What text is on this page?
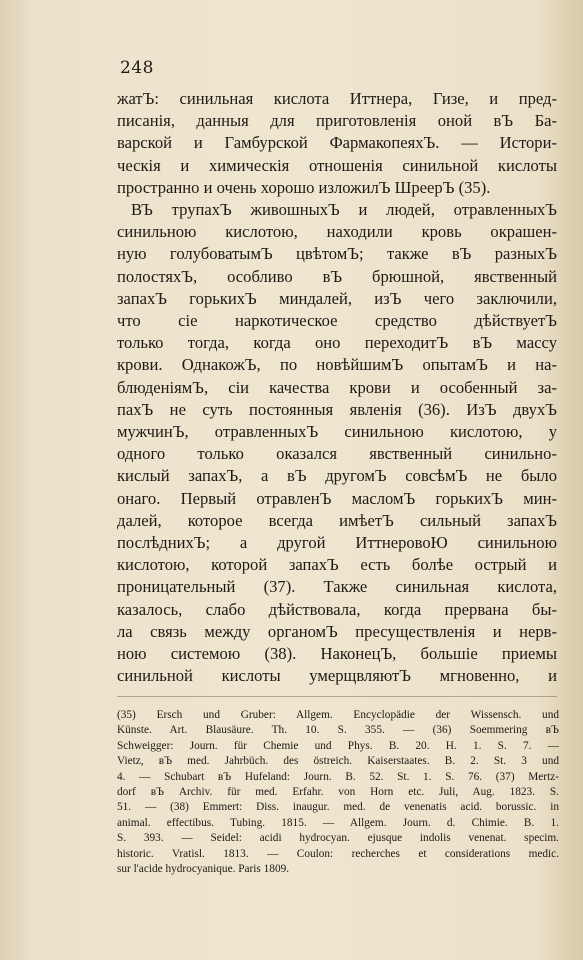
248
жатЪ: синильная кислота Иттнера, Гизе, и пред-
писанія, данныя для приготовленія оной вЪ Ба-
варской и Гамбурской ФармакопеяхЪ. — Истори-
ческія и химическія отношенія синильной кислоты
пространно и очень хорошо изложилЪ ШреерЪ (35).
ВЪ трупахЪ живошныхЪ и людей, отравленныхЪ
синильною кислотою, находили кровь окрашен-
ную голубоватымЪ цвѣтомЪ; также вЪ разныхЪ
полостяхЪ, особливо вЪ брюшной, явственный
запахЪ горькихЪ миндалей, изЪ чего заключили,
что сіе наркотическое средство дѣйствуетЪ
только тогда, когда оно переходитЪ вЪ массу
крови. ОднакожЪ, по новѣйшимЪ опытамЪ и на-
блюденіямЪ, сіи качества крови и особенный за-
пахЪ не суть постоянныя явленія (36). ИзЪ двухЪ
мужчинЪ, отравленныхЪ синильною кислотою, у
одного только оказался явственный синильно-
кислый запахЪ, а вЪ другомЪ совсѣмЪ не было
онаго. Первый отравленЪ масломЪ горькихЪ мин-
далей, которое всегда имѣетЪ сильный запахЪ
послѣднихЪ; а другой ИттнеровоЮ синильною
кислотою, которой запахЪ есть болѣе острый и
проницательный (37). Также синильная кислота,
казалось, слабо дѣйствовала, когда прервана бы-
ла связь между органомЪ пресуществленія и нерв-
ною системою (38). НаконецЪ, большіе приемы
синильной кислоты умерщвляютЪ мгновенно, и
(35) Ersch und Gruber: Allgem. Encyclopädie der Wissensch. und
Künste. Art. Blausäure. Th. 10. S. 355. — (36) Soemmering вЪ
Schweigger: Journ. für Chemie und Phys. B. 20. H. 1. S. 7. —
Vietz, вЪ med. Jahrbüch. des östreich. Kaiserstaates. B. 2. St. 3 und
4. — Schubart вЪ Hufeland: Journ. B. 52. St. 1. S. 76. (37) Mertz-
dorf вЪ Archiv. für med. Erfahr. von Horn etc. Juli, Aug. 1823. S.
51. — (38) Emmert: Diss. inaugur. med. de venenatis acid. borussic. in
animal. effectibus. Tubing. 1815. — Allgem. Journ. d. Chimie. B. 1.
S. 393. — Seidel: acidi hydrocyan. ejusque indolis venenat. specim.
historic. Vratisl. 1813. — Coulon: recherches et considerations medic.
sur l'acide hydrocyanique. Paris 1809.
